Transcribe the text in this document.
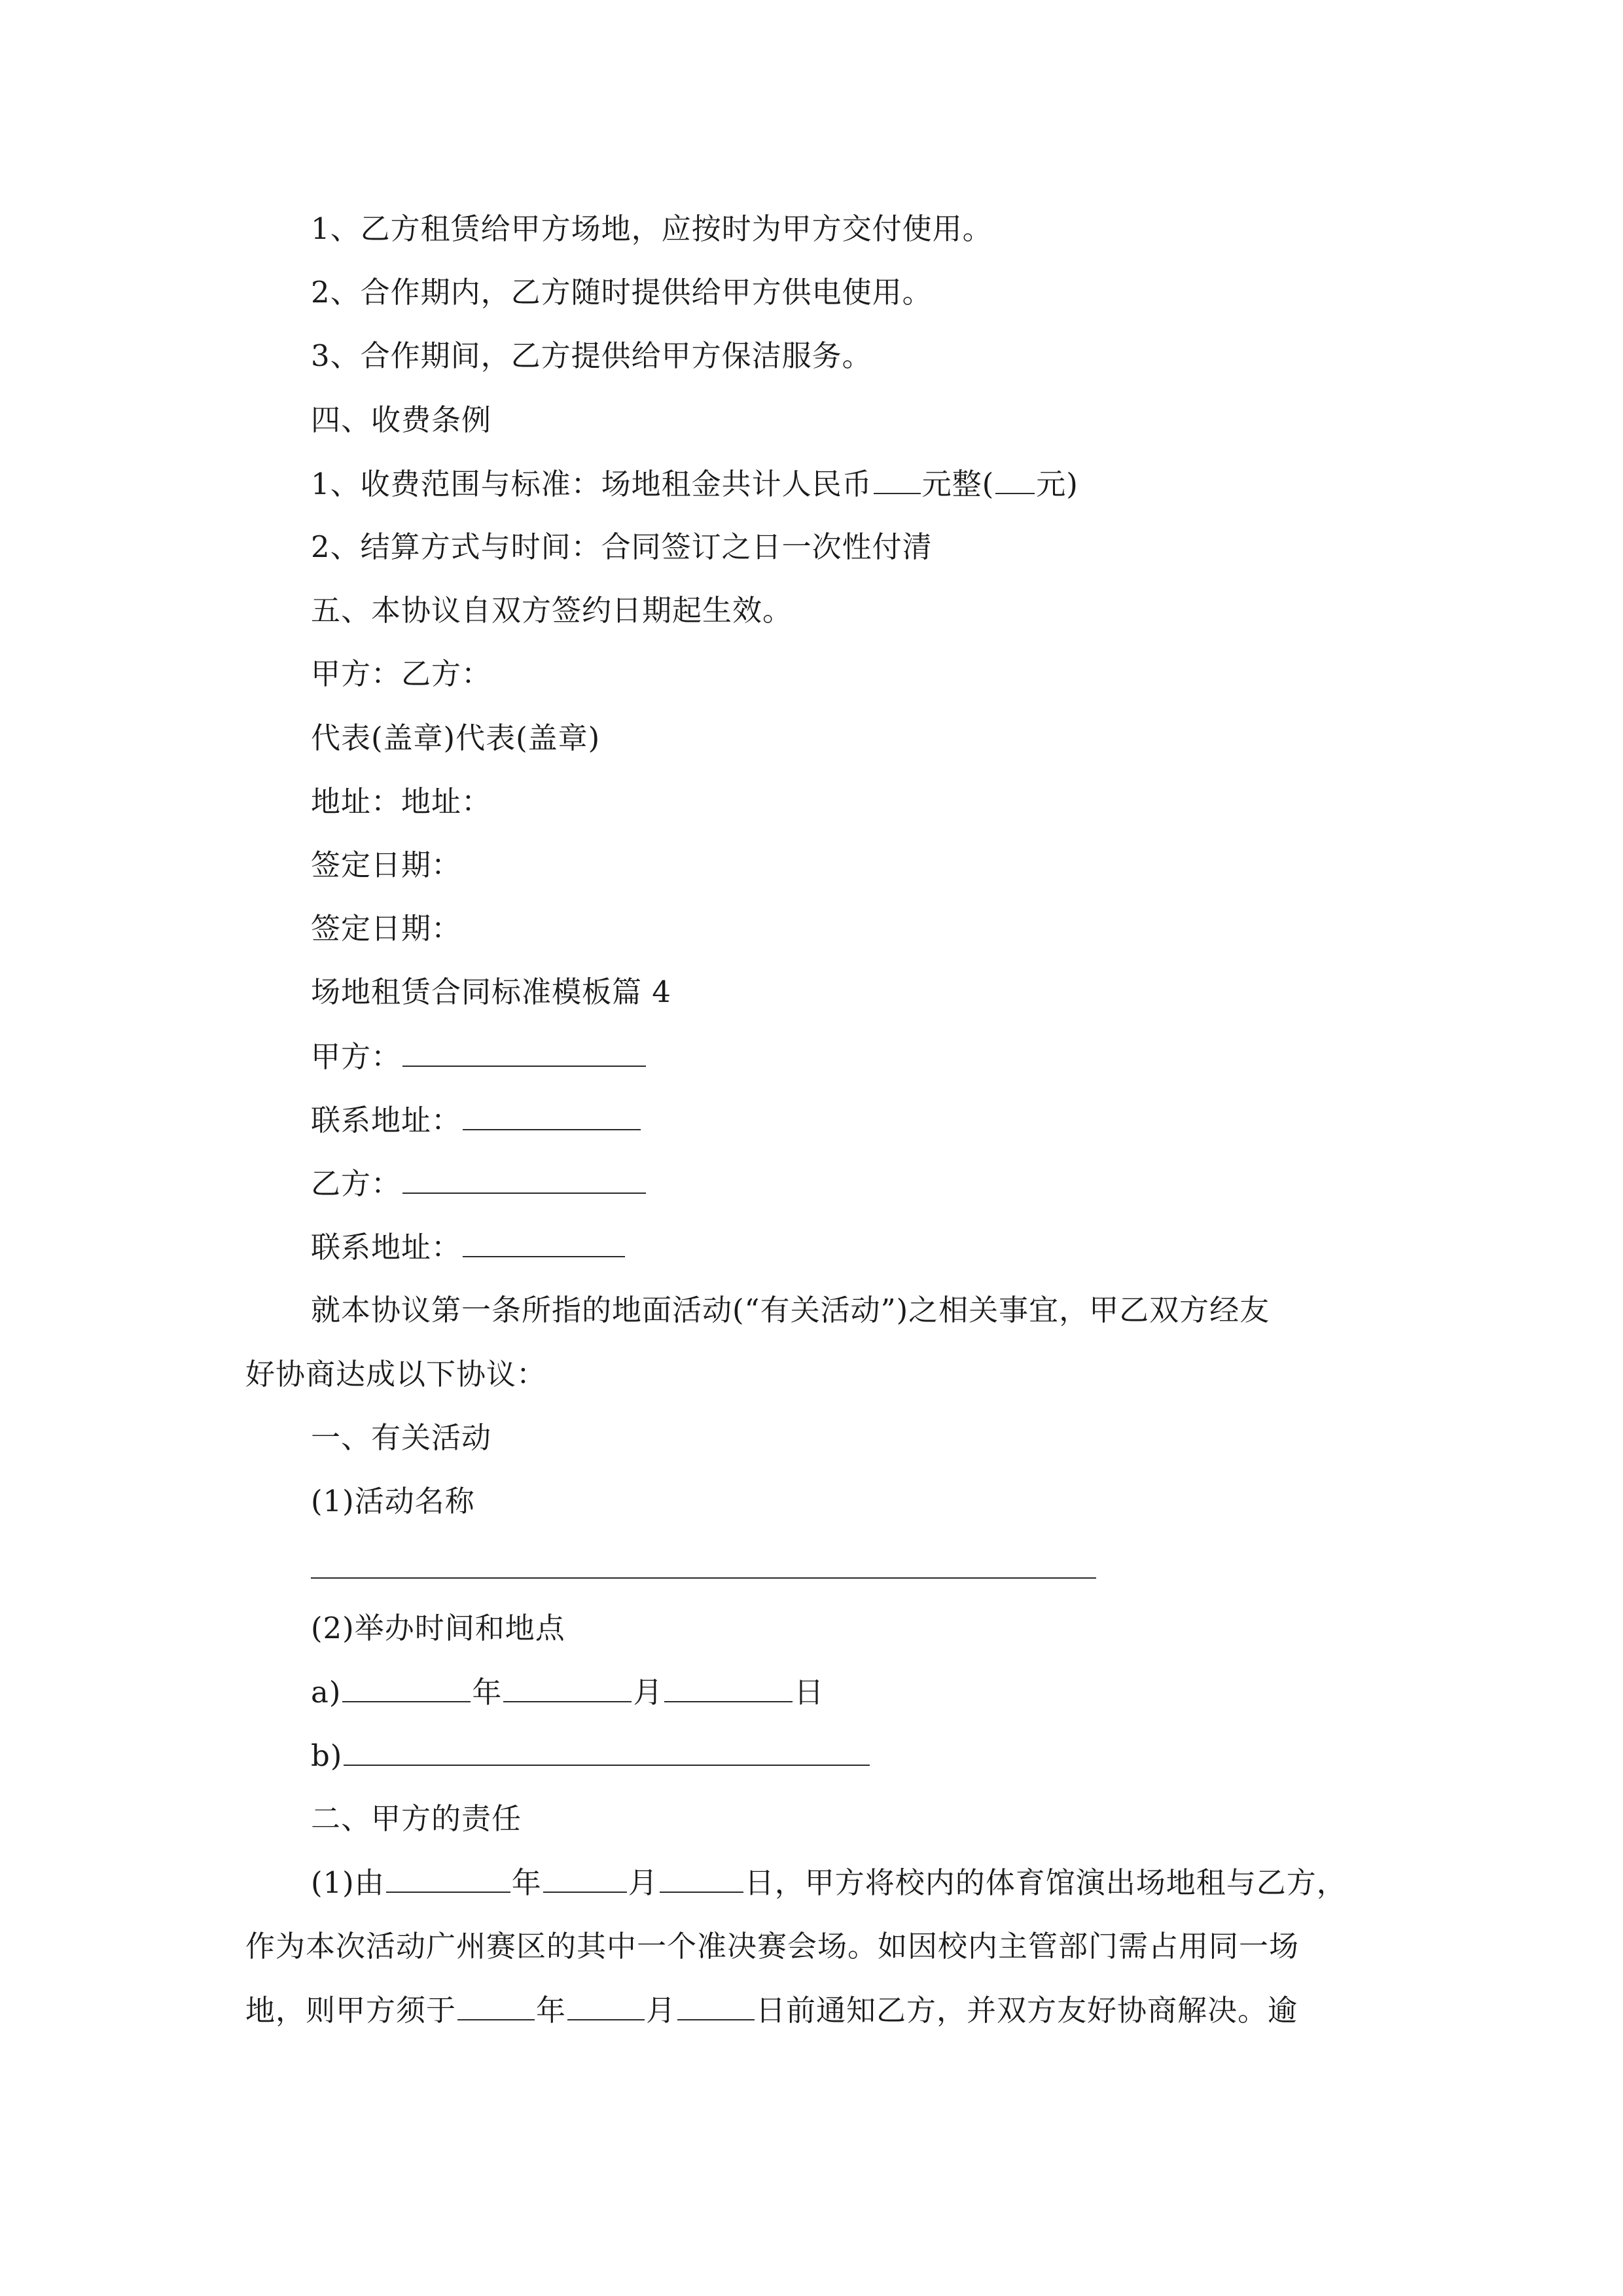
1、乙方租赁给甲方场地，应按时为甲方交付使用。
2、合作期内，乙方随时提供给甲方供电使用。
3、合作期间，乙方提供给甲方保洁服务。
四、收费条例
1、收费范围与标准：场地租金共计人民币 元整( 元)
2、结算方式与时间：合同签订之日一次性付清
五、本协议自双方签约日期起生效。
甲方：乙方：
代表(盖章)代表(盖章)
地址：地址：
签定日期：
签定日期：
场地租赁合同标准模板篇 4
甲方：
联系地址：
乙方：
联系地址：
就本协议第一条所指的地面活动(“有关活动”)之相关事宜，甲乙双方经友
好协商达成以下协议：
一、有关活动
(1)活动名称
(2)举办时间和地点
a)	年	月	日
b)
二、甲方的责任
(1)由	年	月	日，甲方将校内的体育馆演出场地租与乙方，
作为本次活动广州赛区的其中一个准决赛会场。如因校内主管部门需占用同一场
地，则甲方须于	年	月	日前通知乙方，并双方友好协商解决。逾
